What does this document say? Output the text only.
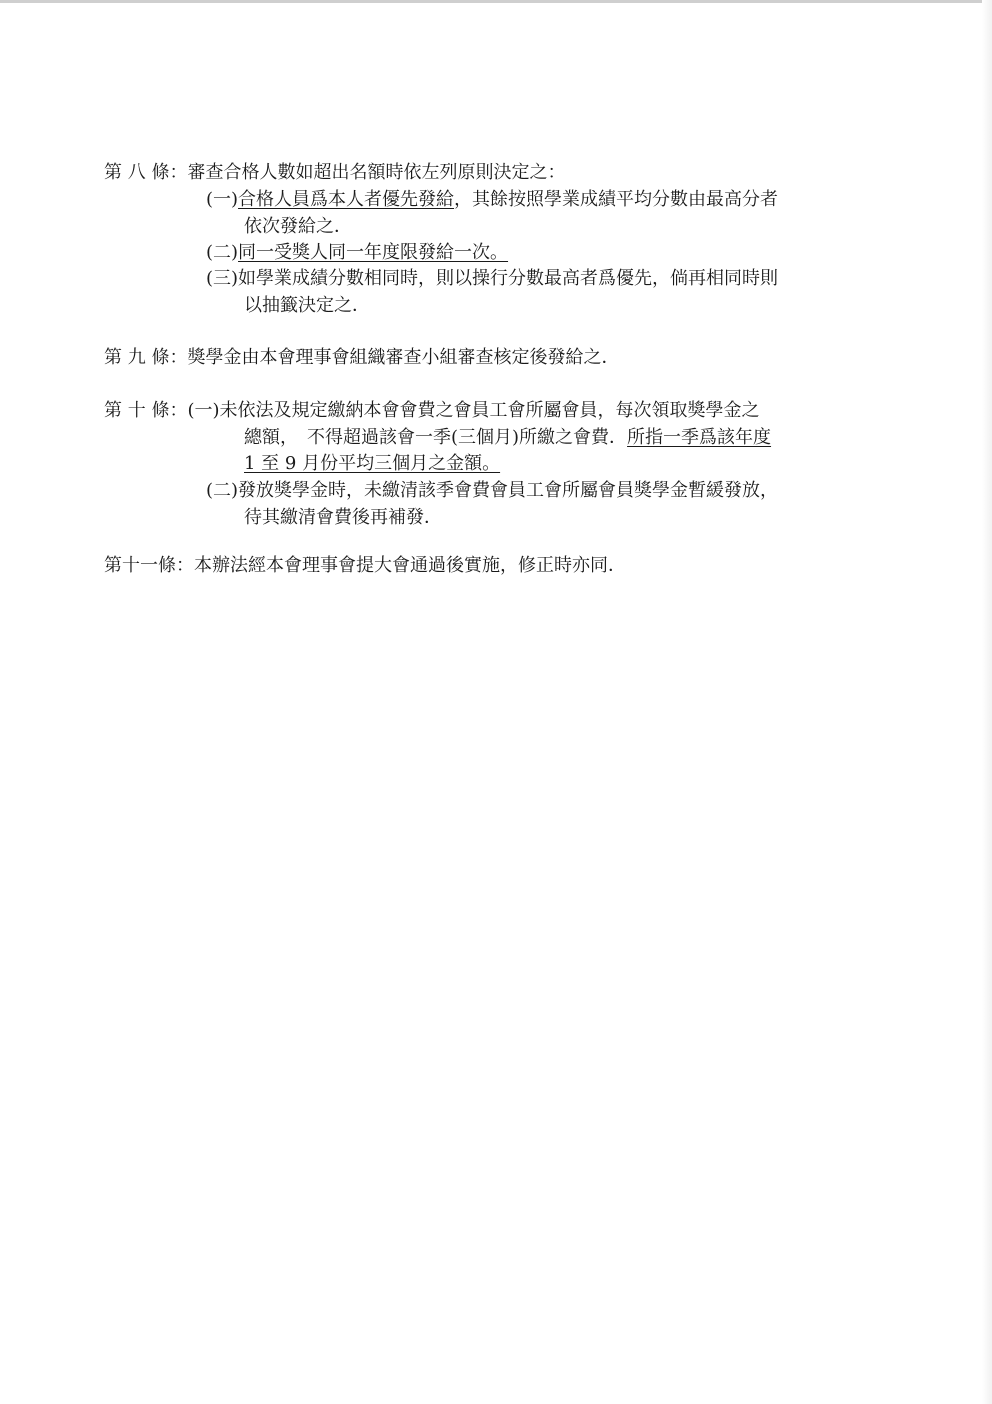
第 八 條：審查合格人數如超出名額時依左列原則決定之：
(一)合格人員爲本人者優先發給，其餘按照學業成績平均分數由最高分者
依次發給之．
(二)同一受獎人同一年度限發給一次。
(三)如學業成績分數相同時，則以操行分數最高者爲優先，倘再相同時則
以抽籤決定之．
第 九 條：獎學金由本會理事會組織審查小組審查核定後發給之．
第 十 條：(一)未依法及規定繳納本會會費之會員工會所屬會員，每次領取獎學金之
總額，　不得超過該會一季(三個月)所繳之會費．所指一季爲該年度
1 至 9 月份平均三個月之金額。
(二)發放獎學金時，未繳清該季會費會員工會所屬會員獎學金暫緩發放，
待其繳清會費後再補發．
第十一條：本辦法經本會理事會提大會通過後實施，修正時亦同．
